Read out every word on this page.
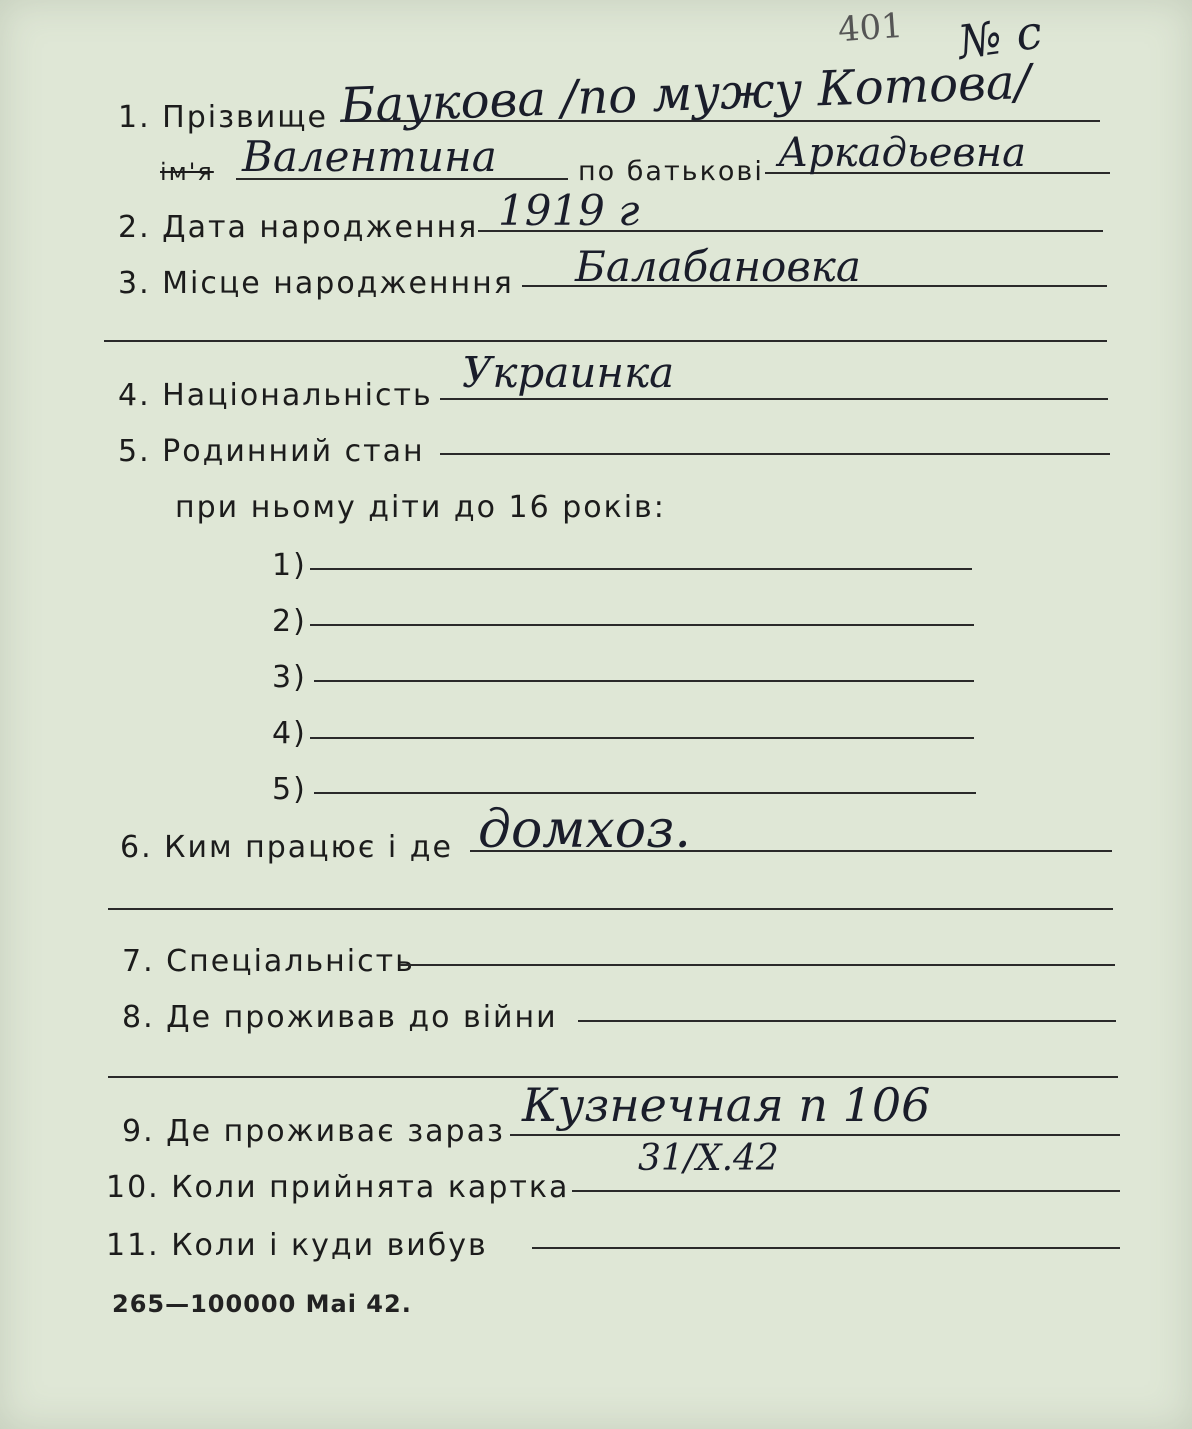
401 № с
1. Прізвище Баукова /по мужу Котова/
ім'я Валентина	по батькові Аркадьевна
2. Дата народження 1919 г
3. Місце народженння Балабановка
4. Національність Украинка
5. Родинний стан
при ньому діти до 16 років:
1)
2)
3)
4)
5)
6. Ким працює і де домхоз.
7. Спеціальність
8. Де проживав до війни
9. Де проживає зараз Кузнечная п 106
10. Коли прийнята картка
31/X.42
11. Коли і куди вибув
265—100000 Mai 42.
